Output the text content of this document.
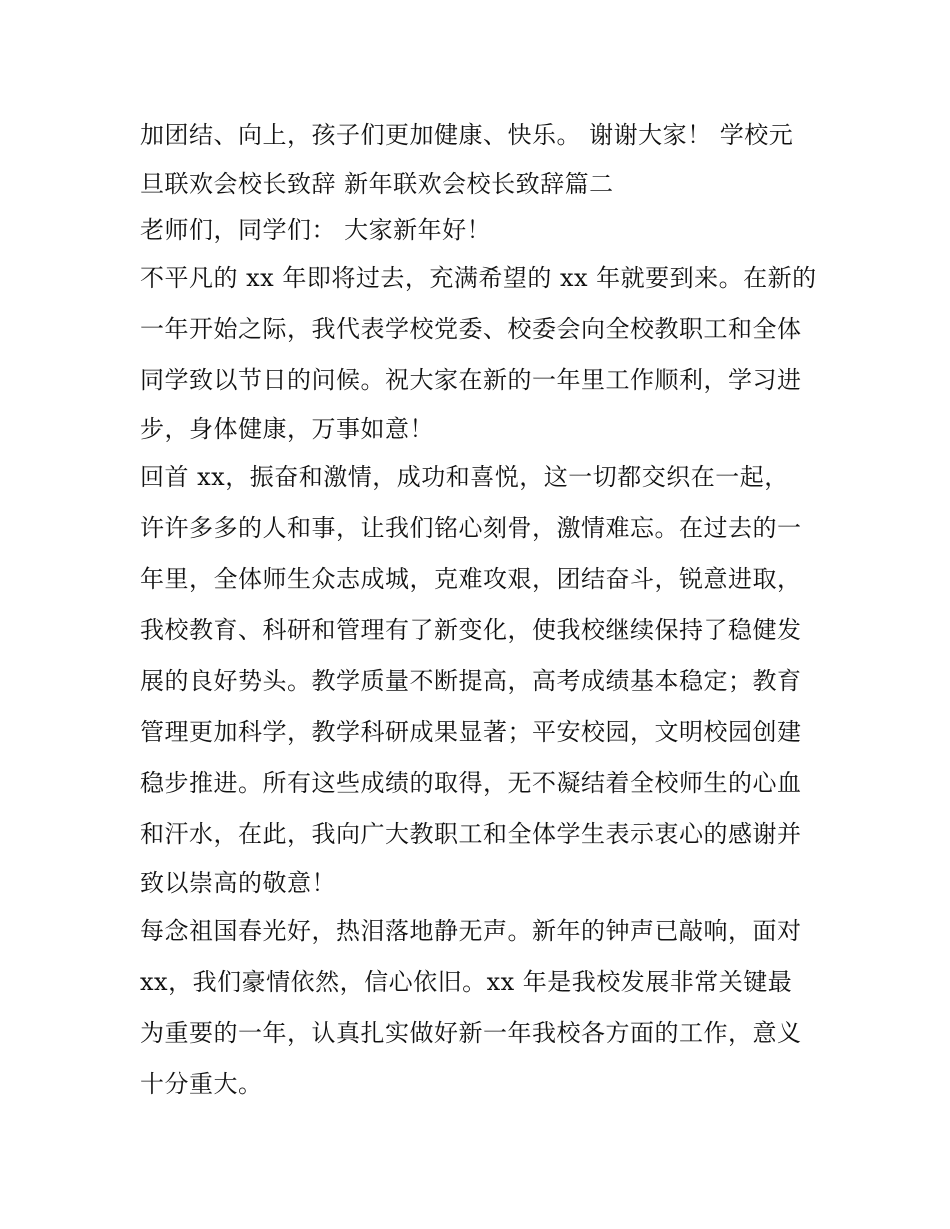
加团结、向上，孩子们更加健康、快乐。 谢谢大家！ 学校元
旦联欢会校长致辞 新年联欢会校长致辞篇二
老师们，同学们： 大家新年好！
不平凡的 xx 年即将过去，充满希望的 xx 年就要到来。在新的
一年开始之际，我代表学校党委、校委会向全校教职工和全体
同学致以节日的问候。祝大家在新的一年里工作顺利，学习进
步，身体健康，万事如意！
回首 xx，振奋和激情，成功和喜悦，这一切都交织在一起，
许许多多的人和事，让我们铭心刻骨，激情难忘。在过去的一
年里，全体师生众志成城，克难攻艰，团结奋斗，锐意进取，
我校教育、科研和管理有了新变化，使我校继续保持了稳健发
展的良好势头。教学质量不断提高，高考成绩基本稳定；教育
管理更加科学，教学科研成果显著；平安校园，文明校园创建
稳步推进。所有这些成绩的取得，无不凝结着全校师生的心血
和汗水，在此，我向广大教职工和全体学生表示衷心的感谢并
致以崇高的敬意！
每念祖国春光好，热泪落地静无声。新年的钟声已敲响，面对
xx，我们豪情依然，信心依旧。xx 年是我校发展非常关键最
为重要的一年，认真扎实做好新一年我校各方面的工作，意义
十分重大。
